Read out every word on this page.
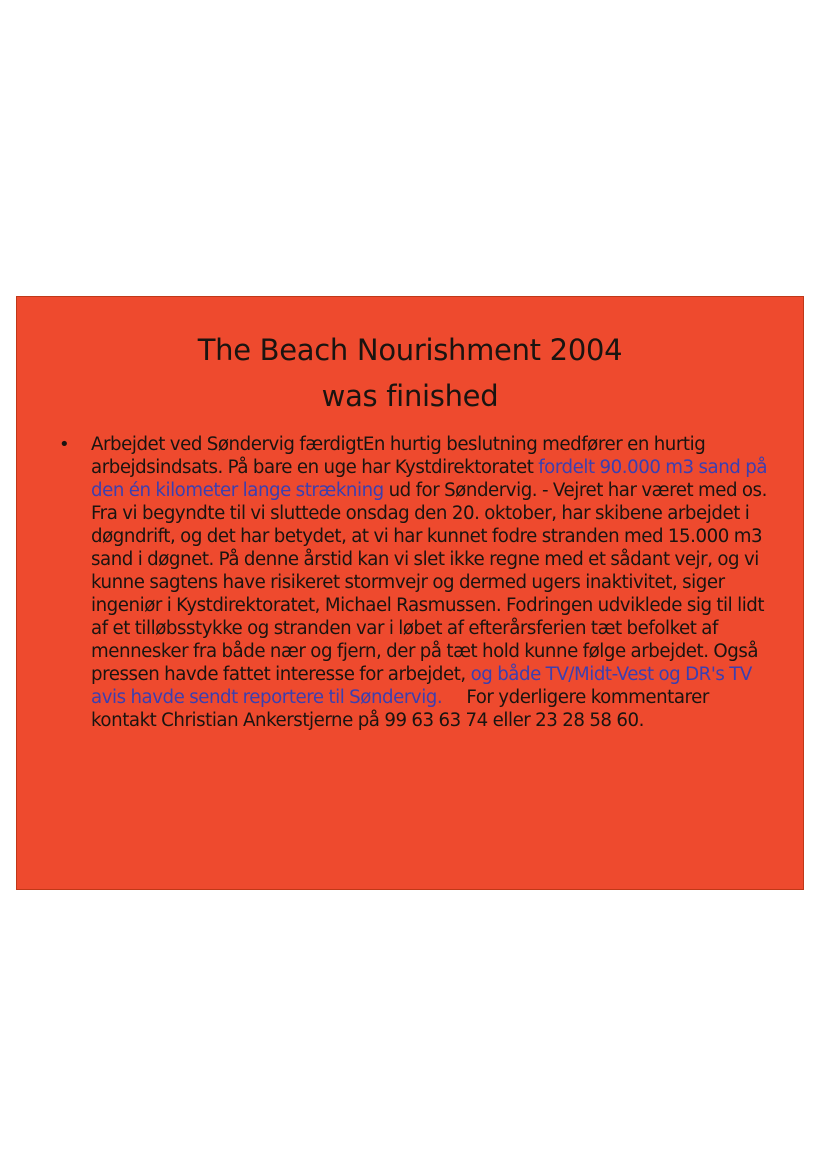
The Beach Nourishment 2004
was finished
• Arbejdet ved Søndervig færdigtEn hurtig beslutning medfører en hurtig arbejdsindsats. På bare en uge har Kystdirektoratet fordelt 90.000 m3 sand på den én kilometer lange strækning ud for Søndervig. - Vejret har været med os. Fra vi begyndte til vi sluttede onsdag den 20. oktober, har skibene arbejdet i døgndrift, og det har betydet, at vi har kunnet fodre stranden med 15.000 m3 sand i døgnet. På denne årstid kan vi slet ikke regne med et sådant vejr, og vi kunne sagtens have risikeret stormvejr og dermed ugers inaktivitet, siger ingeniør i Kystdirektoratet, Michael Rasmussen. Fodringen udviklede sig til lidt af et tilløbsstykke og stranden var i løbet af efterårsferien tæt befolket af mennesker fra både nær og fjern, der på tæt hold kunne følge arbejdet. Også pressen havde fattet interesse for arbejdet, og både TV/Midt-Vest og DR's TV avis havde sendt reportere til Søndervig.     For yderligere kommentarer kontakt Christian Ankerstjerne på 99 63 63 74 eller 23 28 58 60.
